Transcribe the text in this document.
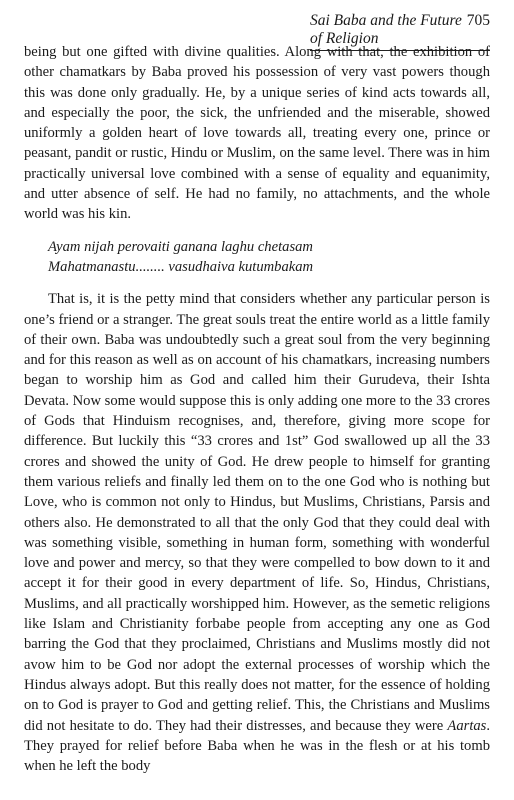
Sai Baba and the Future of Religion
705

being but one gifted with divine qualities. Along with that, the exhibition of other chamatkars by Baba proved his possession of very vast powers though this was done only gradually. He, by a unique series of kind acts towards all, and especially the poor, the sick, the unfriended and the miserable, showed uniformly a golden heart of love towards all, treating every one, prince or peasant, pandit or rustic, Hindu or Muslim, on the same level. There was in him practically universal love combined with a sense of equality and equanimity, and utter absence of self. He had no family, no attachments, and the whole world was his kin.

Ayam nijah perovaiti ganana laghu chetasam
Mahatmanastu........ vasudhaiva kutumbakam

That is, it is the petty mind that considers whether any particular person is one’s friend or a stranger. The great souls treat the entire world as a little family of their own. Baba was undoubtedly such a great soul from the very beginning and for this reason as well as on account of his chamatkars, increasing numbers began to worship him as God and called him their Gurudeva, their Ishta Devata. Now some would suppose this is only adding one more to the 33 crores of Gods that Hinduism recognises, and, therefore, giving more scope for difference. But luckily this “33 crores and 1st” God swallowed up all the 33 crores and showed the unity of God. He drew people to himself for granting them various reliefs and finally led them on to the one God who is nothing but Love, who is common not only to Hindus, but Muslims, Christians, Parsis and others also. He demonstrated to all that the only God that they could deal with was something visible, something in human form, something with wonderful love and power and mercy, so that they were compelled to bow down to it and accept it for their good in every department of life. So, Hindus, Christians, Muslims, and all practically worshipped him. However, as the semetic religions like Islam and Christianity forbabe people from accepting any one as God barring the God that they proclaimed, Christians and Muslims mostly did not avow him to be God nor adopt the external processes of worship which the Hindus always adopt. But this really does not matter, for the essence of holding on to God is prayer to God and getting relief. This, the Christians and Muslims did not hesitate to do. They had their distresses, and because they were Aartas. They prayed for relief before Baba when he was in the flesh or at his tomb when he left the body
